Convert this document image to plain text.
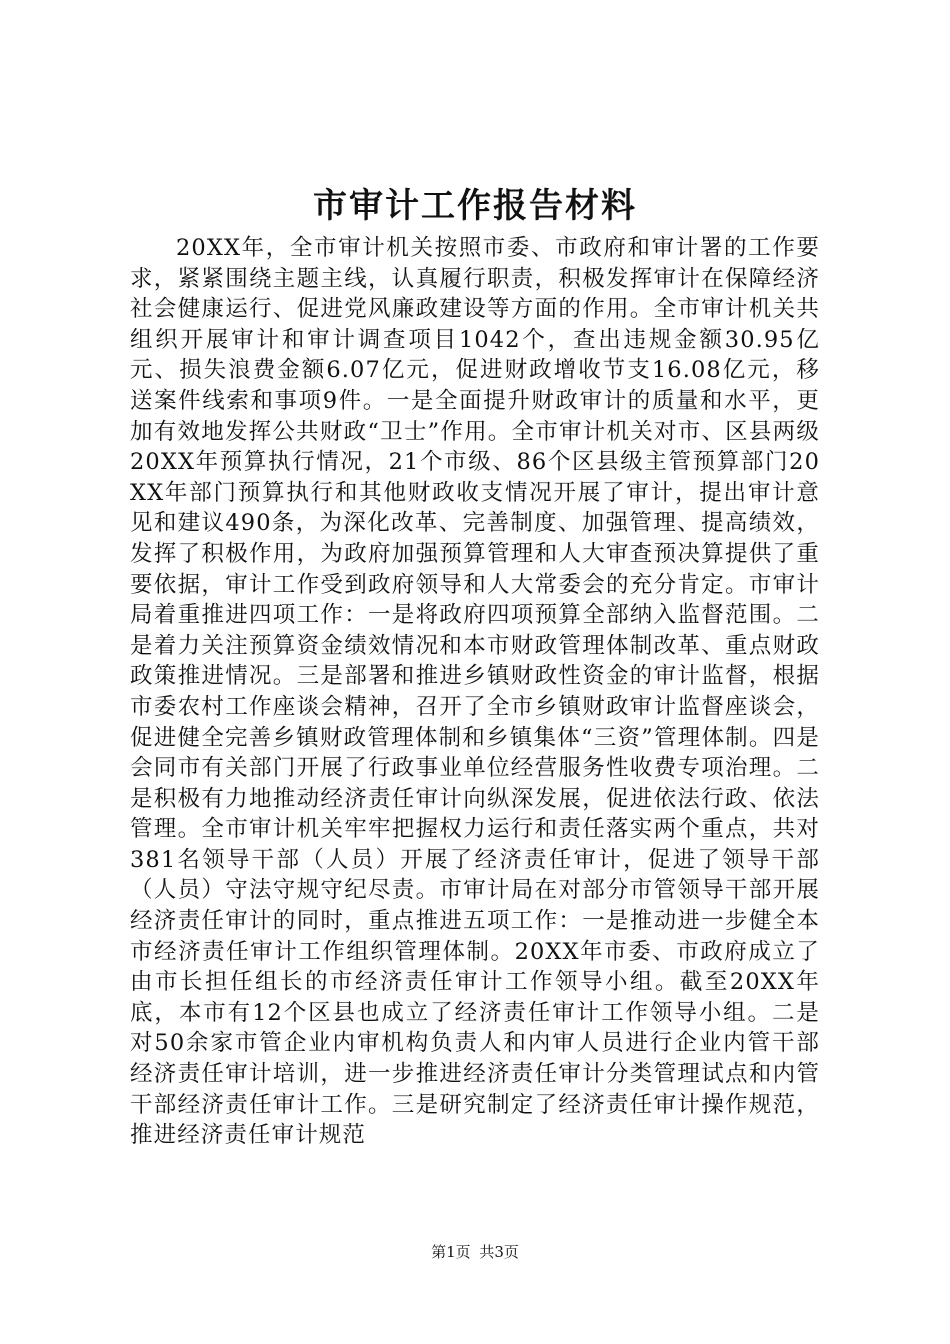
市审计工作报告材料

20XX年，全市审计机关按照市委、市政府和审计署的工作要求，紧紧围绕主题主线，认真履行职责，积极发挥审计在保障经济社会健康运行、促进党风廉政建设等方面的作用。全市审计机关共组织开展审计和审计调查项目1042个，查出违规金额30.95亿元、损失浪费金额6.07亿元，促进财政增收节支16.08亿元，移送案件线索和事项9件。一是全面提升财政审计的质量和水平，更加有效地发挥公共财政“卫士”作用。全市审计机关对市、区县两级20XX年预算执行情况，21个市级、86个区县级主管预算部门20XX年部门预算执行和其他财政收支情况开展了审计，提出审计意见和建议490条，为深化改革、完善制度、加强管理、提高绩效，发挥了积极作用，为政府加强预算管理和人大审查预决算提供了重要依据，审计工作受到政府领导和人大常委会的充分肯定。市审计局着重推进四项工作：一是将政府四项预算全部纳入监督范围。二是着力关注预算资金绩效情况和本市财政管理体制改革、重点财政政策推进情况。三是部署和推进乡镇财政性资金的审计监督，根据市委农村工作座谈会精神，召开了全市乡镇财政审计监督座谈会，促进健全完善乡镇财政管理体制和乡镇集体“三资”管理体制。四是会同市有关部门开展了行政事业单位经营服务性收费专项治理。二是积极有力地推动经济责任审计向纵深发展，促进依法行政、依法管理。全市审计机关牢牢把握权力运行和责任落实两个重点，共对381名领导干部（人员）开展了经济责任审计，促进了领导干部（人员）守法守规守纪尽责。市审计局在对部分市管领导干部开展经济责任审计的同时，重点推进五项工作：一是推动进一步健全本市经济责任审计工作组织管理体制。20XX年市委、市政府成立了由市长担任组长的市经济责任审计工作领导小组。截至20XX年底，本市有12个区县也成立了经济责任审计工作领导小组。二是对50余家市管企业内审机构负责人和内审人员进行企业内管干部经济责任审计培训，进一步推进经济责任审计分类管理试点和内管干部经济责任审计工作。三是研究制定了经济责任审计操作规范，推进经济责任审计规范

第1页 共3页
